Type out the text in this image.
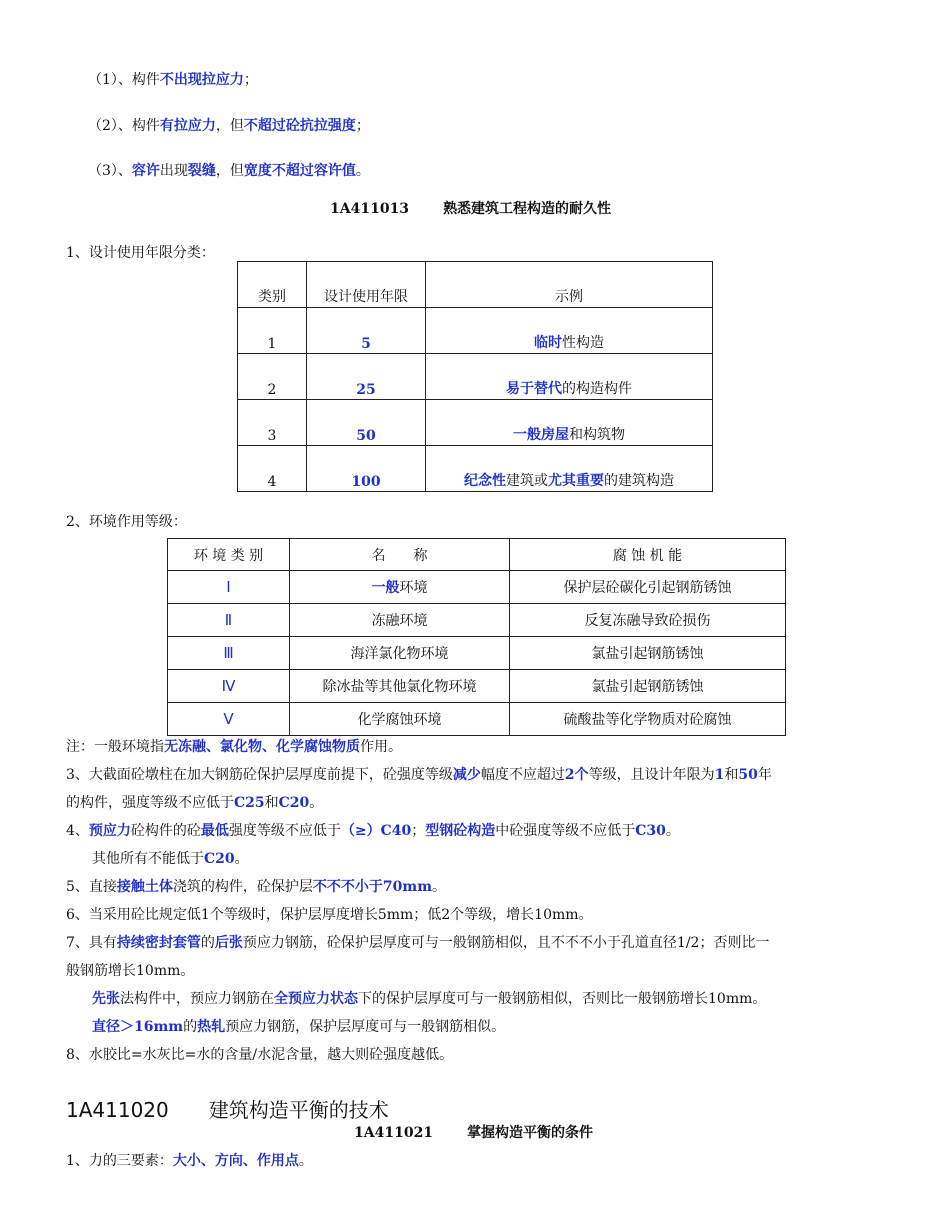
（1）、构件不出现拉应力；
（2）、构件有拉应力，但不超过砼抗拉强度；
（3）、容许出现裂缝，但宽度不超过容许值。
1A411013 熟悉建筑工程构造的耐久性
1、设计使用年限分类：
类别	设计使用年限	示例
1	5	临时性构造
2	25	易于替代的构造构件
3	50	一般房屋和构筑物
4	100	纪念性建筑或尤其重要的建筑构造
2、环境作用等级：
环 境 类 别	名　　称	腐 蚀 机 能
Ⅰ	一般环境	保护层砼碳化引起钢筋锈蚀
Ⅱ	冻融环境	反复冻融导致砼损伤
Ⅲ	海洋氯化物环境	氯盐引起钢筋锈蚀
Ⅳ	除冰盐等其他氯化物环境	氯盐引起钢筋锈蚀
Ⅴ	化学腐蚀环境	硫酸盐等化学物质对砼腐蚀
注：一般环境指无冻融、氯化物、化学腐蚀物质作用。
3、大截面砼墩柱在加大钢筋砼保护层厚度前提下，砼强度等级减少幅度不应超过2个等级，且设计年限为1和50年
的构件，强度等级不应低于C25和C20。
4、预应力砼构件的砼最低强度等级不应低于（≥）C40；型钢砼构造中砼强度等级不应低于C30。
其他所有不能低于C20。
5、直接接触土体浇筑的构件，砼保护层不不不小于70mm。
6、当采用砼比规定低1个等级时，保护层厚度增长5mm；低2个等级，增长10mm。
7、具有持续密封套管的后张预应力钢筋，砼保护层厚度可与一般钢筋相似，且不不不小于孔道直径1/2；否则比一
般钢筋增长10mm。
先张法构件中，预应力钢筋在全预应力状态下的保护层厚度可与一般钢筋相似，否则比一般钢筋增长10mm。
直径＞16mm的热轧预应力钢筋，保护层厚度可与一般钢筋相似。
8、水胶比=水灰比=水的含量/水泥含量，越大则砼强度越低。
1A411020 建筑构造平衡的技术
1A411021 掌握构造平衡的条件
1、力的三要素：大小、方向、作用点。
